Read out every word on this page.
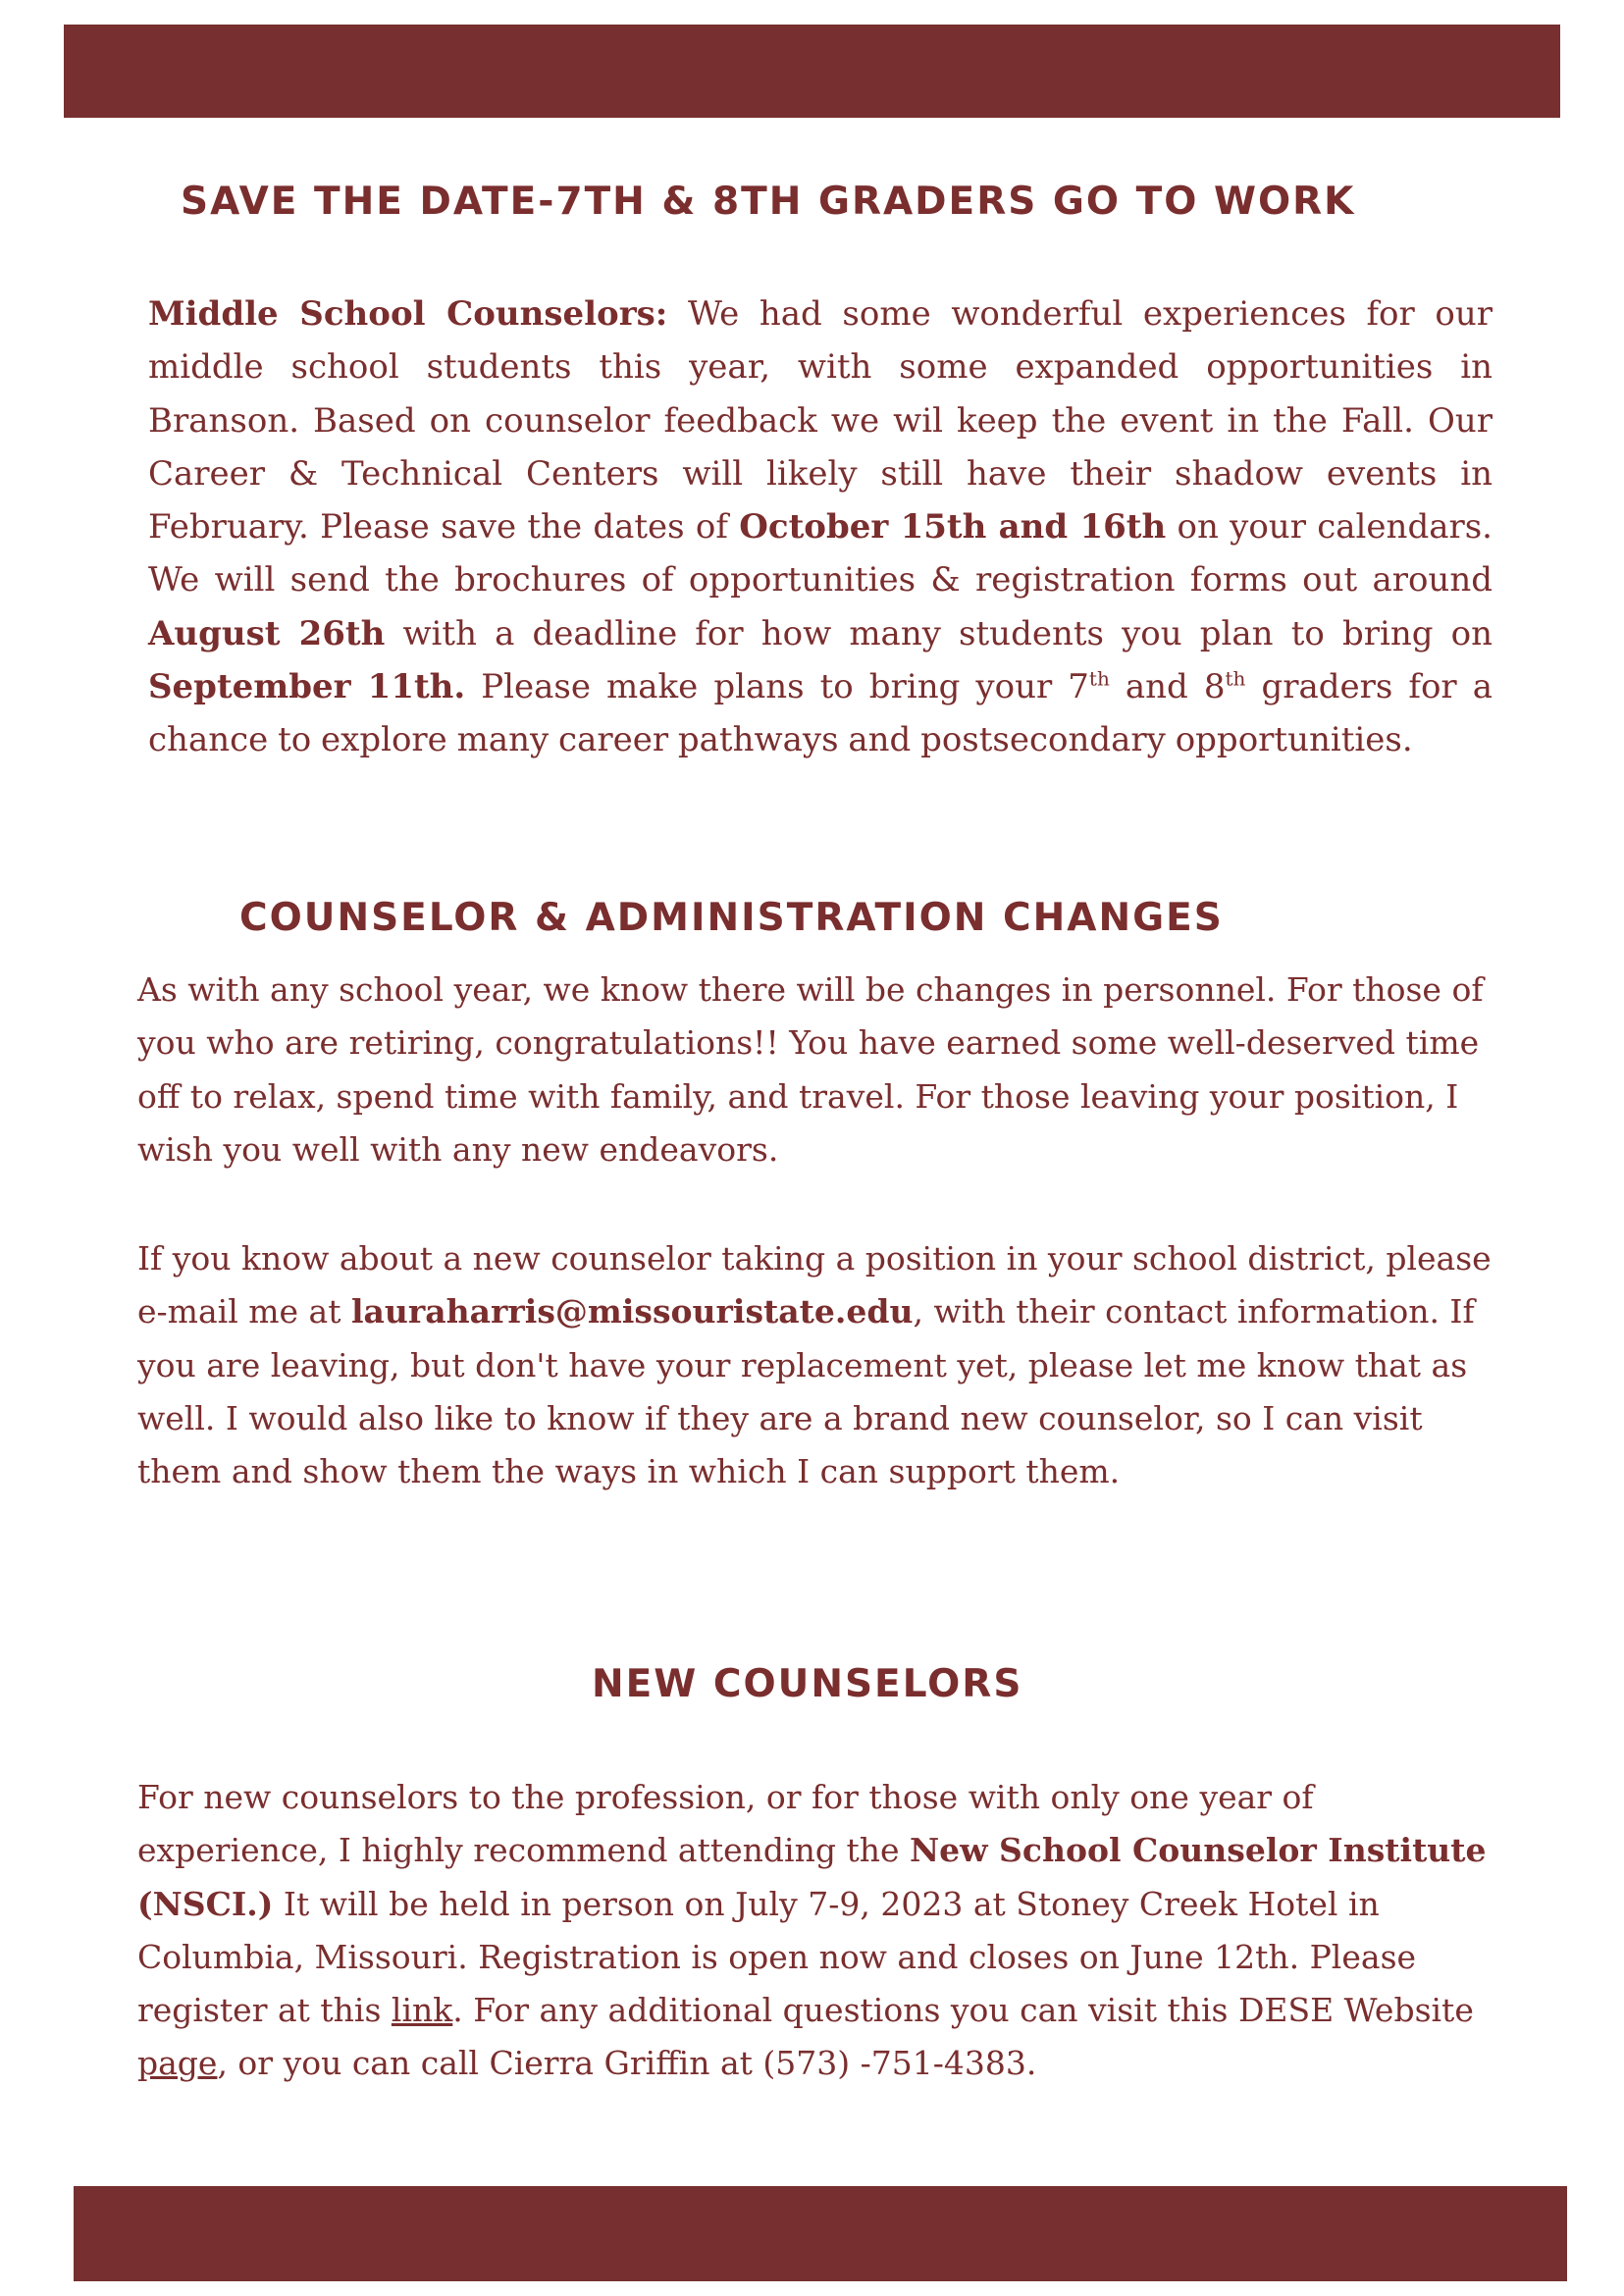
SAVE THE DATE-7TH & 8TH GRADERS GO TO WORK

Middle School Counselors: We had some wonderful experiences for our middle school students this year, with some expanded opportunities in Branson. Based on counselor feedback we wil keep the event in the Fall. Our Career & Technical Centers will likely still have their shadow events in February. Please save the dates of October 15th and 16th on your calendars. We will send the brochures of opportunities & registration forms out around August 26th with a deadline for how many students you plan to bring on September 11th. Please make plans to bring your 7th and 8th graders for a chance to explore many career pathways and postsecondary opportunities.

COUNSELOR & ADMINISTRATION CHANGES

As with any school year, we know there will be changes in personnel. For those of you who are retiring, congratulations!! You have earned some well-deserved time off to relax, spend time with family, and travel. For those leaving your position, I wish you well with any new endeavors.

If you know about a new counselor taking a position in your school district, please e-mail me at lauraharris@missouristate.edu, with their contact information. If you are leaving, but don't have your replacement yet, please let me know that as well. I would also like to know if they are a brand new counselor, so I can visit them and show them the ways in which I can support them.

NEW COUNSELORS

For new counselors to the profession, or for those with only one year of experience, I highly recommend attending the New School Counselor Institute (NSCI.) It will be held in person on July 7-9, 2023 at Stoney Creek Hotel in Columbia, Missouri. Registration is open now and closes on June 12th. Please register at this link. For any additional questions you can visit this DESE Website page, or you can call Cierra Griffin at (573) -751-4383.
